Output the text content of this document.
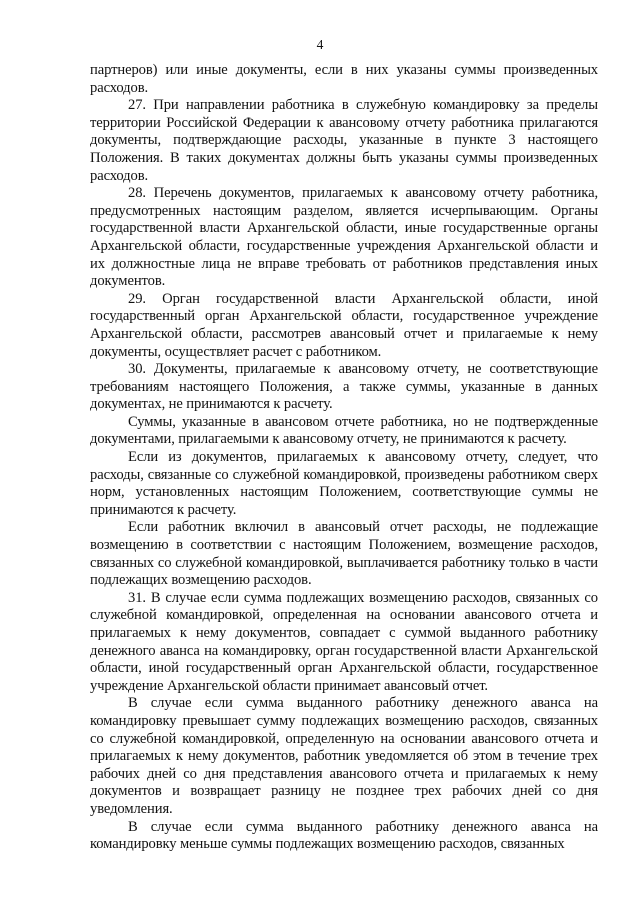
4

партнеров) или иные документы, если в них указаны суммы произведенных расходов.

27. При направлении работника в служебную командировку за пределы территории Российской Федерации к авансовому отчету работника прилагаются документы, подтверждающие расходы, указанные в пункте 3 настоящего Положения. В таких документах должны быть указаны суммы произведенных расходов.

28. Перечень документов, прилагаемых к авансовому отчету работника, предусмотренных настоящим разделом, является исчерпывающим. Органы государственной власти Архангельской области, иные государственные органы Архангельской области, государственные учреждения Архангельской области и их должностные лица не вправе требовать от работников представления иных документов.

29. Орган государственной власти Архангельской области, иной государственный орган Архангельской области, государственное учреждение Архангельской области, рассмотрев авансовый отчет и прилагаемые к нему документы, осуществляет расчет с работником.

30. Документы, прилагаемые к авансовому отчету, не соответствующие требованиям настоящего Положения, а также суммы, указанные в данных документах, не принимаются к расчету.

Суммы, указанные в авансовом отчете работника, но не подтвержденные документами, прилагаемыми к авансовому отчету, не принимаются к расчету.

Если из документов, прилагаемых к авансовому отчету, следует, что расходы, связанные со служебной командировкой, произведены работником сверх норм, установленных настоящим Положением, соответствующие суммы не принимаются к расчету.

Если работник включил в авансовый отчет расходы, не подлежащие возмещению в соответствии с настоящим Положением, возмещение расходов, связанных со служебной командировкой, выплачивается работнику только в части подлежащих возмещению расходов.

31. В случае если сумма подлежащих возмещению расходов, связанных со служебной командировкой, определенная на основании авансового отчета и прилагаемых к нему документов, совпадает с суммой выданного работнику денежного аванса на командировку, орган государственной власти Архангельской области, иной государственный орган Архангельской области, государственное учреждение Архангельской области принимает авансовый отчет.

В случае если сумма выданного работнику денежного аванса на командировку превышает сумму подлежащих возмещению расходов, связанных со служебной командировкой, определенную на основании авансового отчета и прилагаемых к нему документов, работник уведомляется об этом в течение трех рабочих дней со дня представления авансового отчета и прилагаемых к нему документов и возвращает разницу не позднее трех рабочих дней со дня уведомления.

В случае если сумма выданного работнику денежного аванса на командировку меньше суммы подлежащих возмещению расходов, связанных
